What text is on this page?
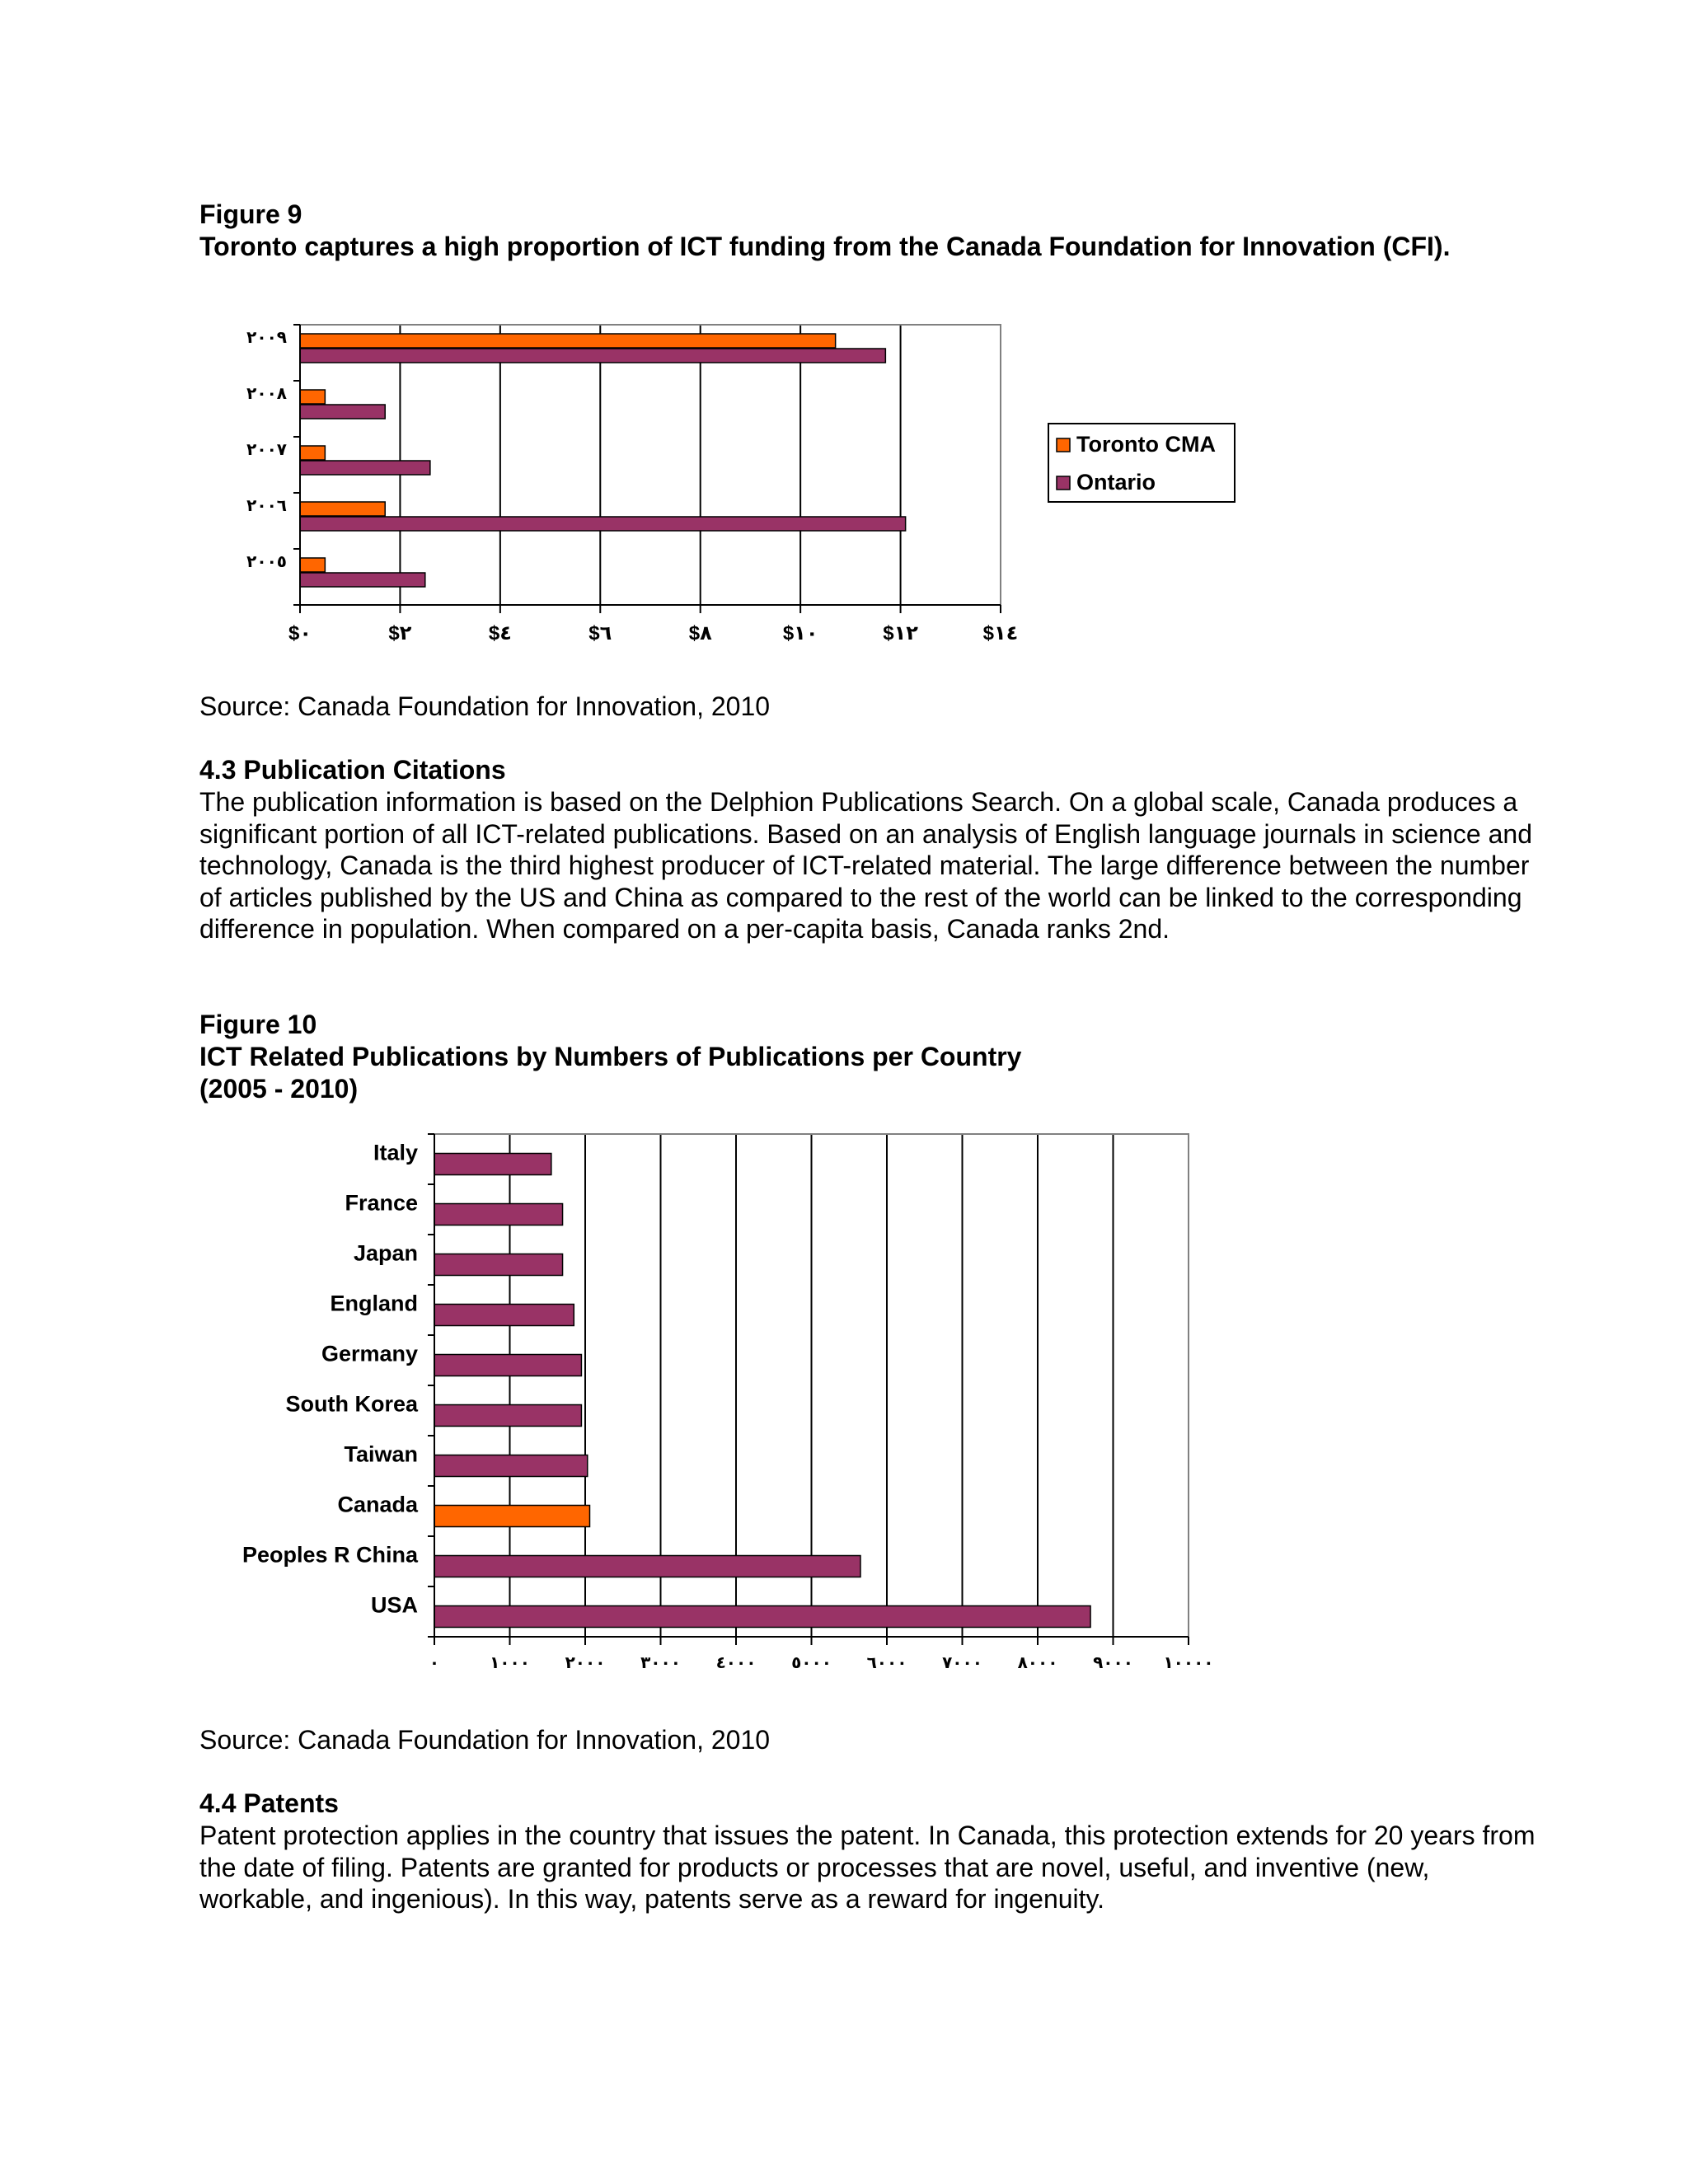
Figure 9
Toronto captures a high proportion of ICT funding from the Canada Foundation for Innovation (CFI).
٢٠٠٩
٢٠٠٨
٢٠٠٧
٢٠٠٦
٢٠٠٥
$٠	$٢	$٤	$٦	$٨	$١٠	$١٢	$١٤
Toronto CMA
Ontario
Source: Canada Foundation for Innovation, 2010
4.3 Publication Citations
The publication information is based on the Delphion Publications Search. On a global scale, Canada produces a significant portion of all ICT-related publications. Based on an analysis of English language journals in science and technology, Canada is the third highest producer of ICT-related material. The large difference between the number of articles published by the US and China as compared to the rest of the world can be linked to the corresponding difference in population. When compared on a per-capita basis, Canada ranks 2nd.
Figure 10
ICT Related Publications by Numbers of Publications per Country
(2005 - 2010)
Italy
France
Japan
England
Germany
South Korea
Taiwan
Canada
Peoples R China
USA
٠	١٠٠٠ ٢٠٠٠ ٣٠٠٠ ٤٠٠٠ ٥٠٠٠ ٦٠٠٠ ٧٠٠٠ ٨٠٠٠ ٩٠٠٠ ١٠٠٠٠
Source: Canada Foundation for Innovation, 2010
4.4 Patents
Patent protection applies in the country that issues the patent. In Canada, this protection extends for 20 years from the date of filing. Patents are granted for products or processes that are novel, useful, and inventive (new, workable, and ingenious). In this way, patents serve as a reward for ingenuity.
